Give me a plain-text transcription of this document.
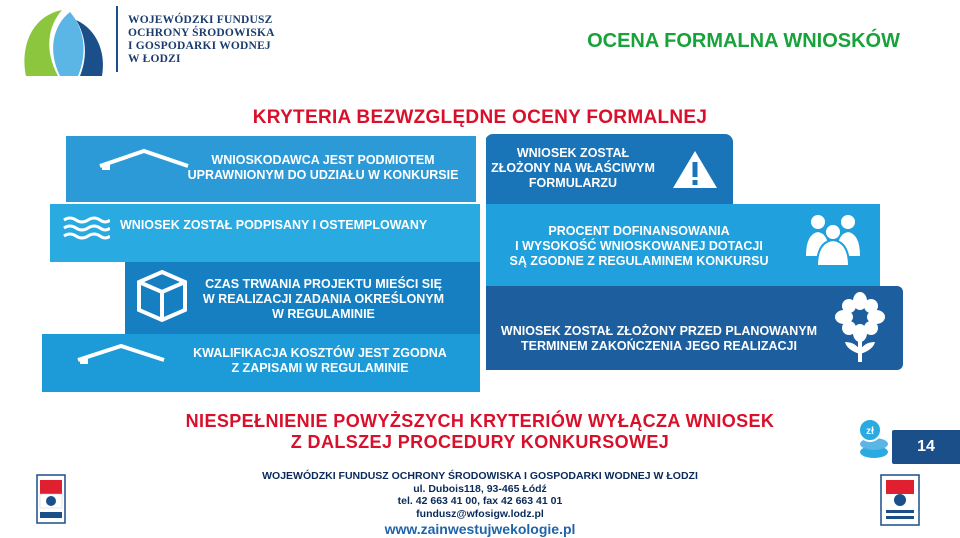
WOJEWÓDZKI FUNDUSZ
OCHRONY ŚRODOWISKA
I GOSPODARKI WODNEJ
W ŁODZI
OCENA FORMALNA WNIOSKÓW
KRYTERIA BEZWZGLĘDNE OCENY FORMALNEJ
WNIOSKODAWCA JEST PODMIOTEM
UPRAWNIONYM DO UDZIAŁU W KONKURSIE
WNIOSEK ZOSTAŁ PODPISANY I OSTEMPLOWANY
CZAS TRWANIA PROJEKTU MIEŚCI SIĘ
W REALIZACJI ZADANIA OKREŚLONYM
W REGULAMINIE
KWALIFIKACJA KOSZTÓW JEST ZGODNA
Z ZAPISAMI W REGULAMINIE
WNIOSEK ZOSTAŁ
ZŁOŻONY NA WŁAŚCIWYM
FORMULARZU
PROCENT DOFINANSOWANIA
I WYSOKOŚĆ WNIOSKOWANEJ DOTACJI
SĄ ZGODNE Z REGULAMINEM KONKURSU
WNIOSEK ZOSTAŁ ZŁOŻONY PRZED PLANOWANYM
TERMINEM ZAKOŃCZENIA JEGO REALIZACJI
NIESPEŁNIENIE POWYŻSZYCH KRYTERIÓW WYŁĄCZA WNIOSEK
Z DALSZEJ PROCEDURY KONKURSOWEJ
zł
14
WOJEWÓDZKI FUNDUSZ OCHRONY ŚRODOWISKA I GOSPODARKI WODNEJ W ŁODZI
ul. Dubois118, 93-465 Łódź
tel. 42 663 41 00, fax 42 663 41 01
fundusz@wfosigw.lodz.pl
www.zainwestujwekologie.pl
